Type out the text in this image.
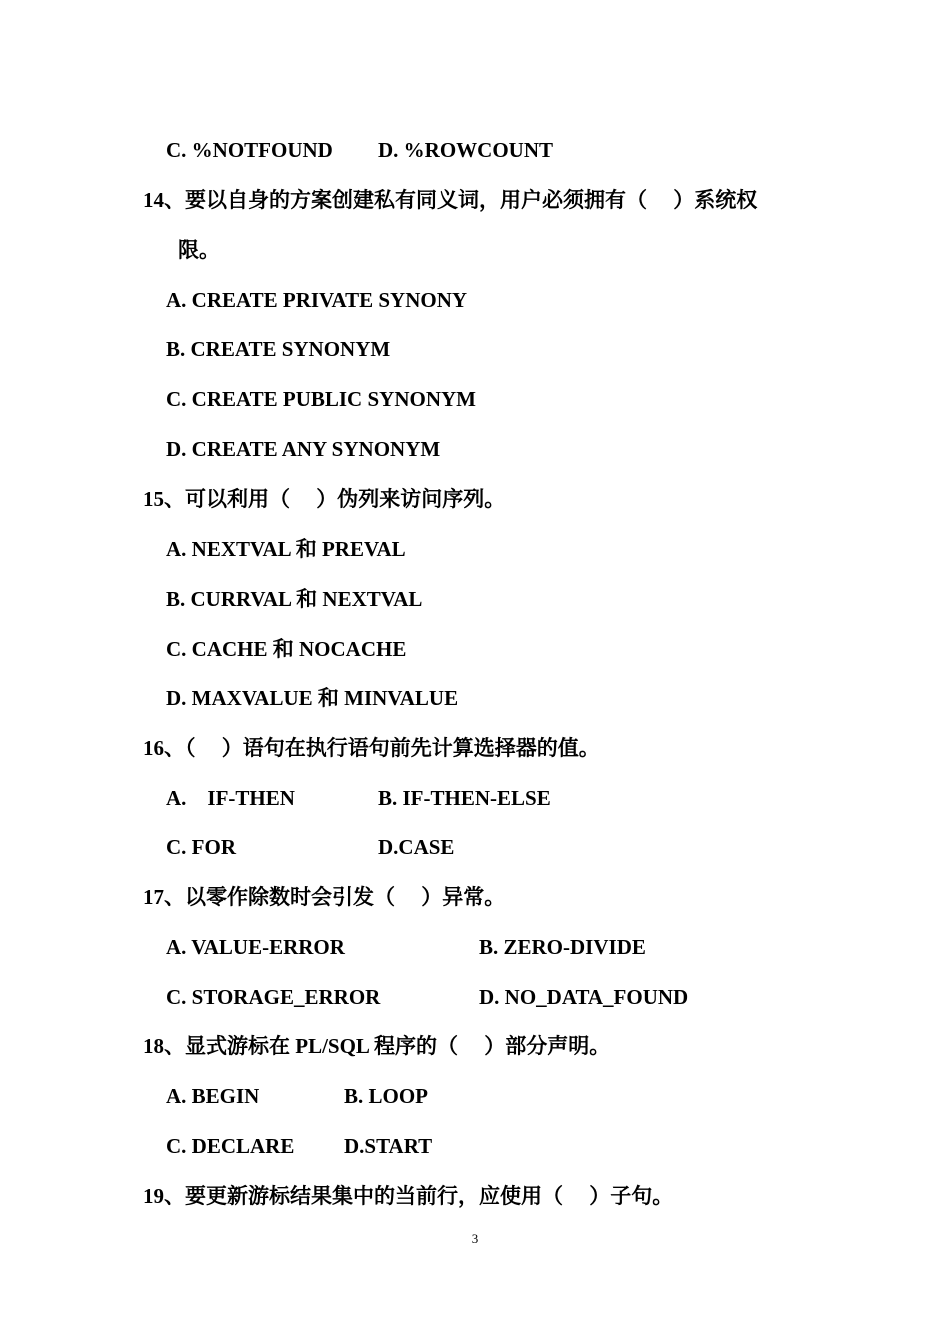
C. %NOTFOUND D. %ROWCOUNT
14、要以自身的方案创建私有同义词，用户必须拥有（　 ）系统权
限。
A. CREATE PRIVATE SYNONY
B. CREATE SYNONYM
C. CREATE PUBLIC SYNONYM
D. CREATE ANY SYNONYM
15、可以利用（　 ）伪列来访问序列。
A. NEXTVAL 和 PREVAL
B. CURRVAL 和 NEXTVAL
C. CACHE 和 NOCACHE
D. MAXVALUE 和 MINVALUE
16、（　 ）语句在执行语句前先计算选择器的值。
A.　IF-THEN	B. IF-THEN-ELSE
C. FOR	D.CASE
17、以零作除数时会引发（　 ）异常。
A. VALUE-ERROR	B. ZERO-DIVIDE
C. STORAGE_ERROR	D. NO_DATA_FOUND
18、显式游标在 PL/SQL 程序的（　 ）部分声明。
A. BEGIN	B. LOOP
C. DECLARE D.START
19、要更新游标结果集中的当前行，应使用（　 ）子句。
3
